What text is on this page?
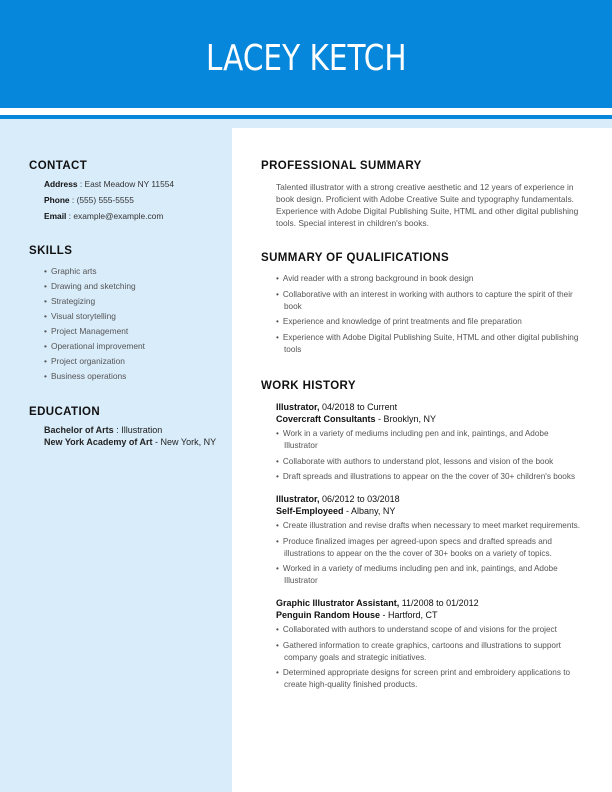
LACEY KETCH
CONTACT
Address : East Meadow NY 11554
Phone : (555) 555-5555
Email : example@example.com
SKILLS
• Graphic arts
• Drawing and sketching
• Strategizing
• Visual storytelling
• Project Management
• Operational improvement
• Project organization
• Business operations
EDUCATION

Bachelor of Arts : Illustration

New York Academy of Art - New York, NY

PROFESSIONAL SUMMARY

Talented illustrator with a strong creative aesthetic and 12 years of experience in book design. Proficient with Adobe Creative Suite and typography fundamentals. Experience with Adobe Digital Publishing Suite, HTML and other digital publishing tools. Special interest in children's books.

SUMMARY OF QUALIFICATIONS
• Avid reader with a strong background in book design
• Collaborative with an interest in working with authors to capture the spirit of their book
• Experience and knowledge of print treatments and file preparation
• Experience with Adobe Digital Publishing Suite, HTML and other digital publishing tools
WORK HISTORY
Illustrator, 04/2018 to Current
Covercraft Consultants - Brooklyn, NY
• Work in a variety of mediums including pen and ink, paintings, and Adobe Illustrator
• Collaborate with authors to understand plot, lessons and vision of the book
• Draft spreads and illustrations to appear on the the cover of 30+ children's books
Illustrator, 06/2012 to 03/2018
Self-Employeed - Albany, NY
• Create illustration and revise drafts when necessary to meet market requirements.
• Produce finalized images per agreed-upon specs and drafted spreads and illustrations to appear on the the cover of 30+ books on a variety of topics.
• Worked in a variety of mediums including pen and ink, paintings, and Adobe Illustrator
Graphic Illustrator Assistant, 11/2008 to 01/2012
Penguin Random House - Hartford, CT
• Collaborated with authors to understand scope of and visions for the project
• Gathered information to create graphics, cartoons and illustrations to support company goals and strategic initiatives.
• Determined appropriate designs for screen print and embroidery applications to create high-quality finished products.
